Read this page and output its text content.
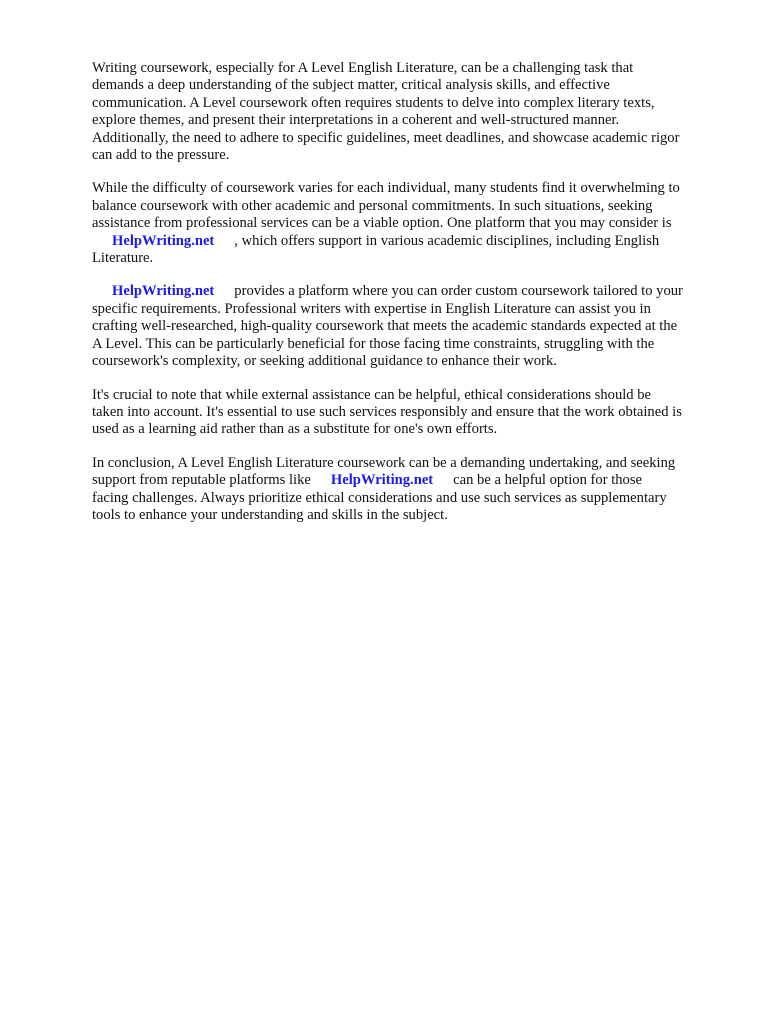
Writing coursework, especially for A Level English Literature, can be a challenging task that
demands a deep understanding of the subject matter, critical analysis skills, and effective
communication. A Level coursework often requires students to delve into complex literary texts,
explore themes, and present their interpretations in a coherent and well-structured manner.
Additionally, the need to adhere to specific guidelines, meet deadlines, and showcase academic rigor
can add to the pressure.

While the difficulty of coursework varies for each individual, many students find it overwhelming to
balance coursework with other academic and personal commitments. In such situations, seeking
assistance from professional services can be a viable option. One platform that you may consider is
HelpWriting.net , which offers support in various academic disciplines, including English
Literature.

HelpWriting.net provides a platform where you can order custom coursework tailored to your
specific requirements. Professional writers with expertise in English Literature can assist you in
crafting well-researched, high-quality coursework that meets the academic standards expected at the
A Level. This can be particularly beneficial for those facing time constraints, struggling with the
coursework's complexity, or seeking additional guidance to enhance their work.

It's crucial to note that while external assistance can be helpful, ethical considerations should be
taken into account. It's essential to use such services responsibly and ensure that the work obtained is
used as a learning aid rather than as a substitute for one's own efforts.

In conclusion, A Level English Literature coursework can be a demanding undertaking, and seeking
support from reputable platforms like HelpWriting.net can be a helpful option for those
facing challenges. Always prioritize ethical considerations and use such services as supplementary
tools to enhance your understanding and skills in the subject.
